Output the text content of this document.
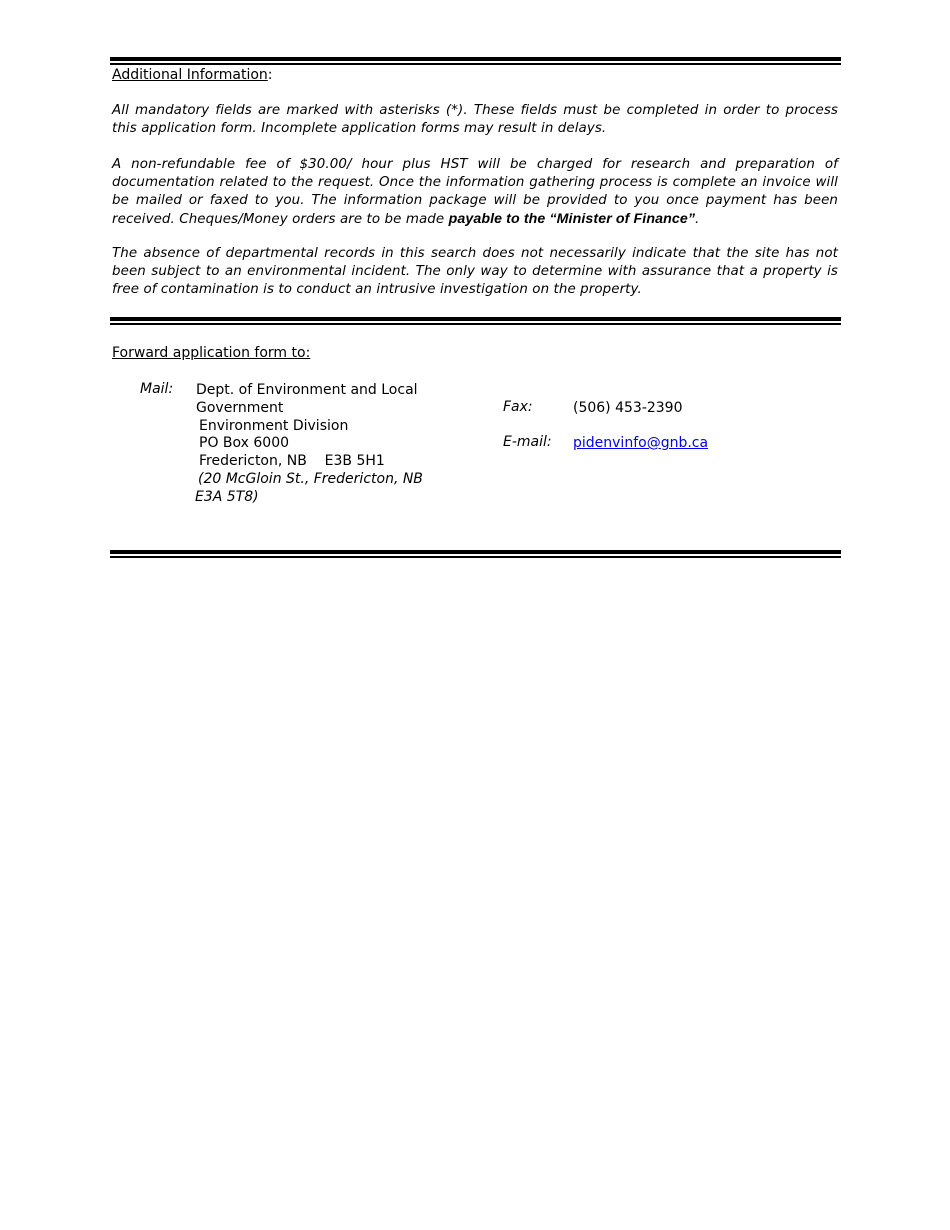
Additional Information:
All mandatory fields are marked with asterisks (*). These fields must be completed in order to process this application form. Incomplete application forms may result in delays.
A non-refundable fee of $30.00/ hour plus HST will be charged for research and preparation of documentation related to the request. Once the information gathering process is complete an invoice will be mailed or faxed to you. The information package will be provided to you once payment has been received. Cheques/Money orders are to be made payable to the “Minister of Finance”.
The absence of departmental records in this search does not necessarily indicate that the site has not been subject to an environmental incident. The only way to determine with assurance that a property is free of contamination is to conduct an intrusive investigation on the property.
Forward application form to:
Mail: Dept. of Environment and Local
Government
Environment Division
PO Box 6000
Fredericton, NB    E3B 5H1
(20 McGloin St., Fredericton, NB
E3A 5T8)
Fax:	(506) 453-2390
E-mail: pidenvinfo@gnb.ca
